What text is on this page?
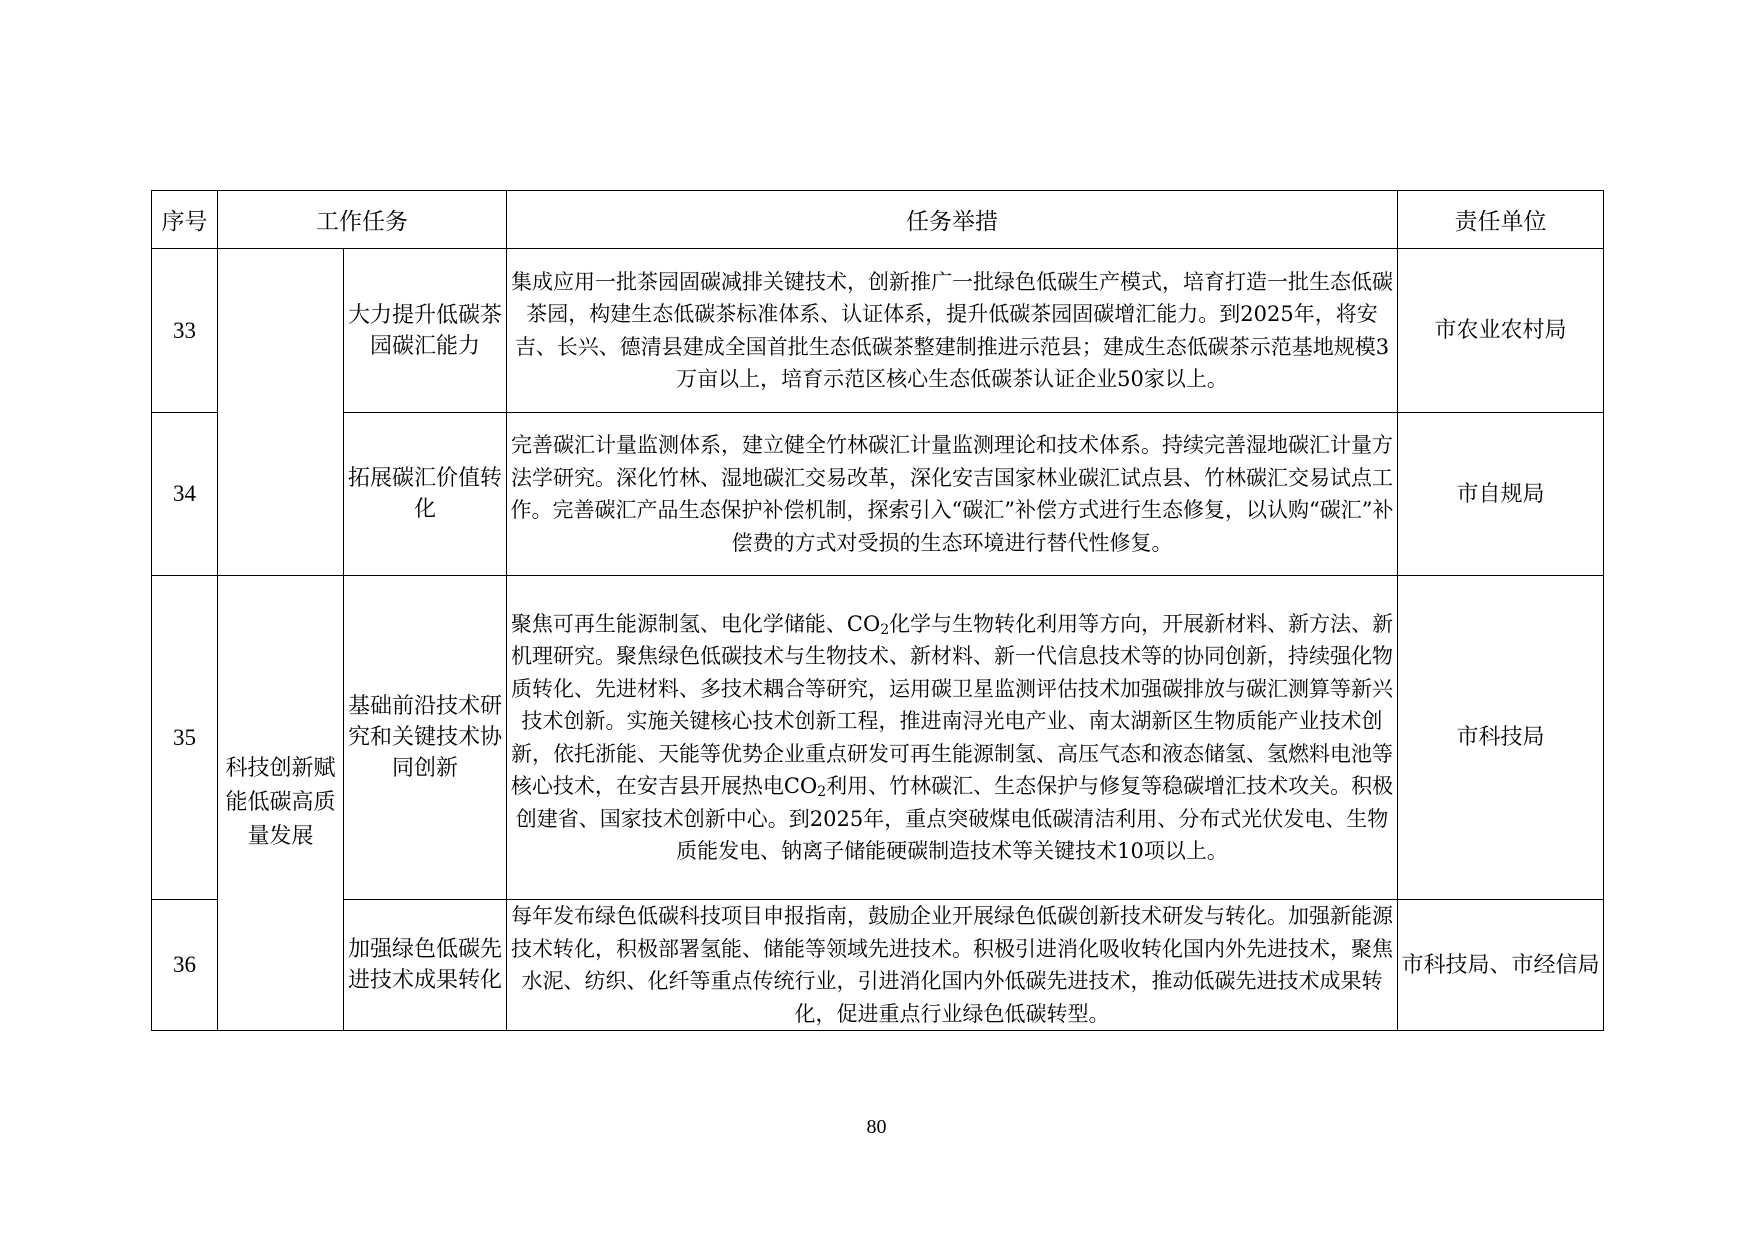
序号	工作任务		任务举措	责任单位
33		大力提升低碳茶园碳汇能力	集成应用一批茶园固碳减排关键技术，创新推广一批绿色低碳生产模式，培育打造一批生态低碳茶园，构建生态低碳茶标准体系、认证体系，提升低碳茶园固碳增汇能力。到2025年，将安吉、长兴、德清县建成全国首批生态低碳茶整建制推进示范县；建成生态低碳茶示范基地规模3万亩以上，培育示范区核心生态低碳茶认证企业50家以上。	市农业农村局
34		拓展碳汇价值转化	完善碳汇计量监测体系，建立健全竹林碳汇计量监测理论和技术体系。持续完善湿地碳汇计量方法学研究。深化竹林、湿地碳汇交易改革，深化安吉国家林业碳汇试点县、竹林碳汇交易试点工作。完善碳汇产品生态保护补偿机制，探索引入“碳汇”补偿方式进行生态修复，以认购“碳汇”补偿费的方式对受损的生态环境进行替代性修复。	市自规局
35	科技创新赋能低碳高质量发展	基础前沿技术研究和关键技术协同创新	聚焦可再生能源制氢、电化学储能、$CO_2$化学与生物转化利用等方向，开展新材料、新方法、新机理研究。聚焦绿色低碳技术与生物技术、新材料、新一代信息技术等的协同创新，持续强化物质转化、先进材料、多技术耦合等研究，运用碳卫星监测评估技术加强碳排放与碳汇测算等新兴技术创新。实施关键核心技术创新工程，推进南浔光电产业、南太湖新区生物质能产业技术创新，依托浙能、天能等优势企业重点研发可再生能源制氢、高压气态和液态储氢、氢燃料电池等核心技术，在安吉县开展热电$CO_2$利用、竹林碳汇、生态保护与修复等稳碳增汇技术攻关。积极创建省、国家技术创新中心。到2025年，重点突破煤电低碳清洁利用、分布式光伏发电、生物质能发电、钠离子储能硬碳制造技术等关键技术10项以上。	市科技局
36		加强绿色低碳先进技术成果转化	每年发布绿色低碳科技项目申报指南，鼓励企业开展绿色低碳创新技术研发与转化。加强新能源技术转化，积极部署氢能、储能等领域先进技术。积极引进消化吸收转化国内外先进技术，聚焦水泥、纺织、化纤等重点传统行业，引进消化国内外低碳先进技术，推动低碳先进技术成果转化，促进重点行业绿色低碳转型。	市科技局、市经信局
80
